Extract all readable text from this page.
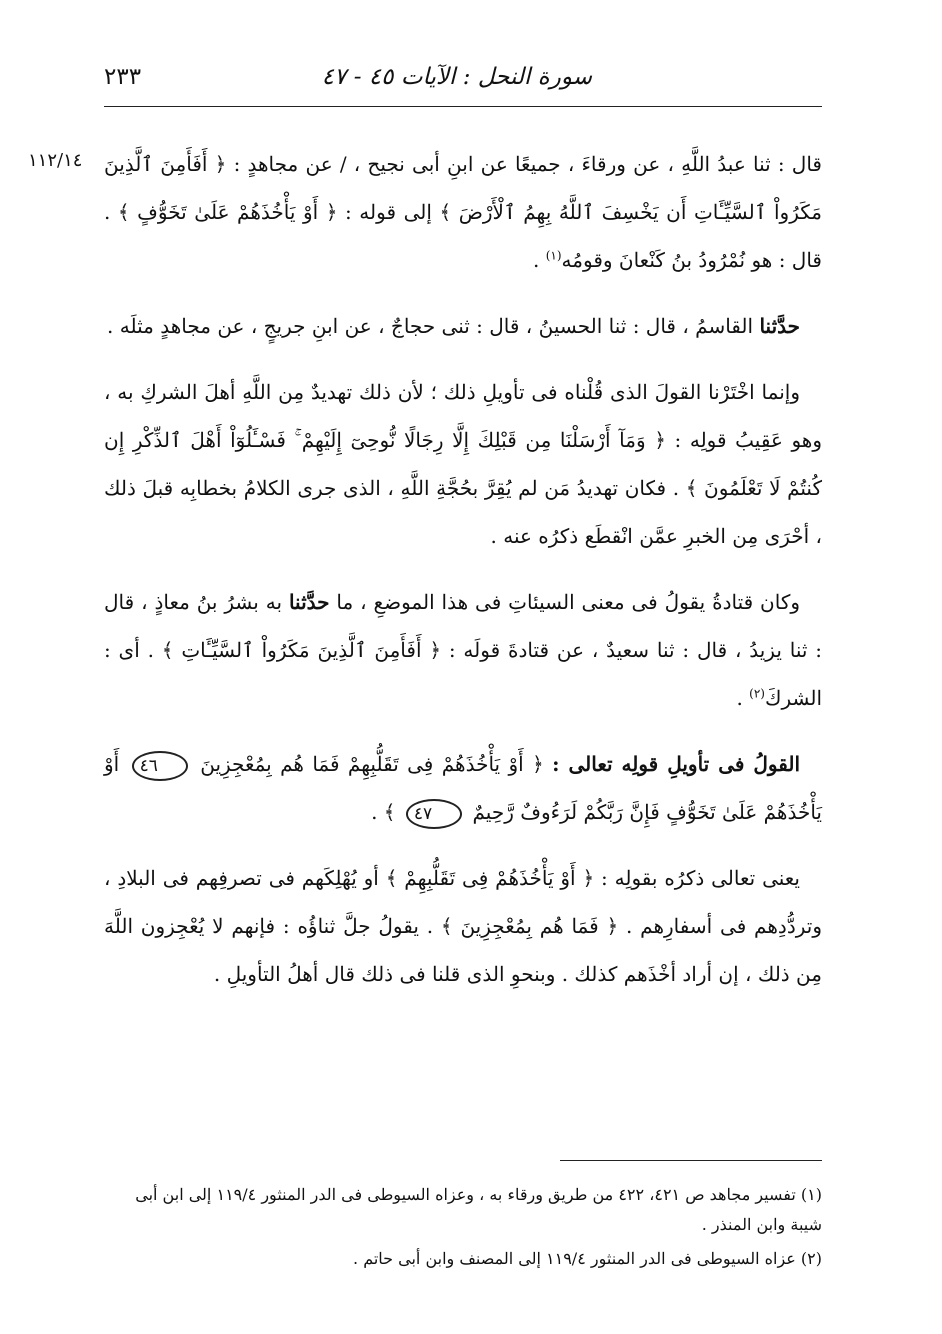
سورة النحل : الآيات ٤٥ - ٤٧
٢٣٣
١١٢/١٤ قال : ثنا عبدُ اللَّهِ ، عن ورقاءَ ، جميعًا عن ابنِ أبى نجيح ، / عن مجاهدٍ : ﴿ أَفَأَمِنَ ٱلَّذِينَ مَكَرُواْ ٱلسَّيِّـَٔاتِ أَن يَخْسِفَ ٱللَّهُ بِهِمُ ٱلْأَرْضَ ﴾ إلى قوله : ﴿ أَوْ يَأْخُذَهُمْ عَلَىٰ تَخَوُّفٍ ﴾ . قال : هو نُمْرُودُ بنُ كَنْعانَ وقومُه$^{(١)}$ .

حدَّثنا القاسمُ ، قال : ثنا الحسينُ ، قال : ثنى حجاجٌ ، عن ابنِ جريجٍ ، عن مجاهدٍ مثلَه .

وإنما اخْتَرْنا القولَ الذى قُلْناه فى تأويلِ ذلك ؛ لأن ذلك تهديدٌ مِن اللَّهِ أهلَ الشركِ به ، وهو عَقِيبُ قولِه : ﴿ وَمَآ أَرْسَلْنَا مِن قَبْلِكَ إِلَّا رِجَالًا نُّوحِىٓ إِلَيْهِمْ ۚ فَسْـَٔلُوٓاْ أَهْلَ ٱلذِّكْرِ إِن كُنتُمْ لَا تَعْلَمُونَ ﴾ . فكان تهديدُ مَن لم يُقِرَّ بحُجَّةِ اللَّهِ ، الذى جرى الكلامُ بخطابِه قبلَ ذلك ، أحْرَى مِن الخبرِ عمَّن انْقطَع ذكرُه عنه .

وكان قتادةُ يقولُ فى معنى السيئاتِ فى هذا الموضعِ ، ما حدَّثنا به بشرُ بنُ معاذٍ ، قال : ثنا يزيدُ ، قال : ثنا سعيدٌ ، عن قتادةَ قولَه : ﴿ أَفَأَمِنَ ٱلَّذِينَ مَكَرُواْ ٱلسَّيِّـَٔاتِ ﴾ . أى : الشركَ$^{(٢)}$ .

القولُ فى تأويلِ قولِه تعالى : ﴿ أَوْ يَأْخُذَهُمْ فِى تَقَلُّبِهِمْ فَمَا هُم بِمُعْجِزِينَ ٤٦ أَوْ يَأْخُذَهُمْ عَلَىٰ تَخَوُّفٍ فَإِنَّ رَبَّكُمْ لَرَءُوفٌ رَّحِيمٌ ٤٧ ﴾ .

يعنى تعالى ذكرُه بقولِه : ﴿ أَوْ يَأْخُذَهُمْ فِى تَقَلُّبِهِمْ ﴾ أو يُهْلِكَهم فى تصرفِهم فى البلادِ ، وتردُّدِهم فى أسفارِهم . ﴿ فَمَا هُم بِمُعْجِزِينَ ﴾ . يقولُ جلَّ ثناؤُه : فإنهم لا يُعْجِزون اللَّهَ مِن ذلك ، إن أراد أخْذَهم كذلك . وبنحوِ الذى قلنا فى ذلك قال أهلُ التأويلِ .

(١) تفسير مجاهد ص ٤٢١، ٤٢٢ من طريق ورقاء به ، وعزاه السيوطى فى الدر المنثور ١١٩/٤ إلى ابن أبى شيبة وابن المنذر .
(٢) عزاه السيوطى فى الدر المنثور ١١٩/٤ إلى المصنف وابن أبى حاتم .
